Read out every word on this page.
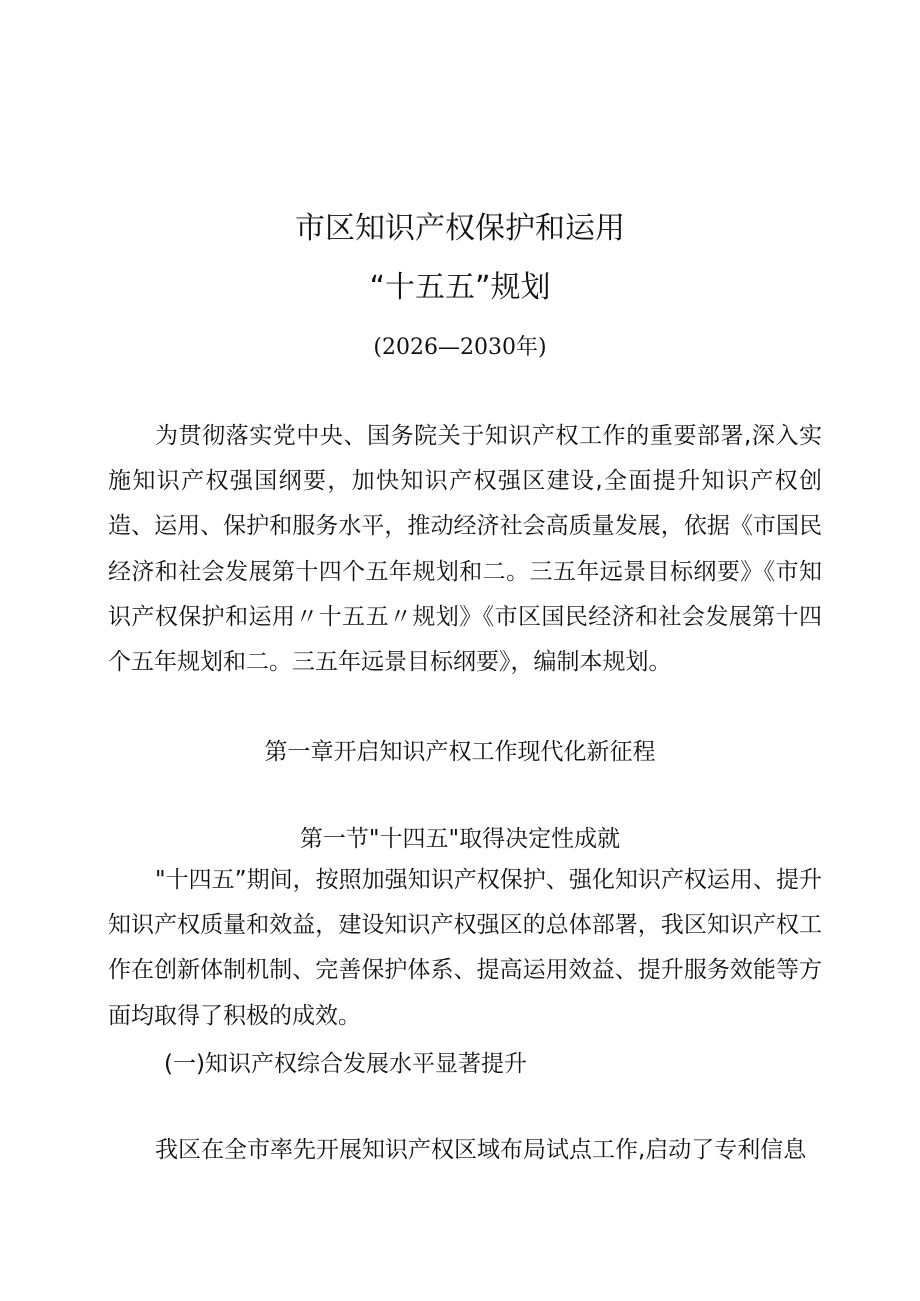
市区知识产权保护和运用
“十五五”规划

(2026—2030年)

为贯彻落实党中央、国务院关于知识产权工作的重要部署,深入实施知识产权强国纲要，加快知识产权强区建设,全面提升知识产权创造、运用、保护和服务水平，推动经济社会高质量发展，依据《市国民经济和社会发展第十四个五年规划和二。三五年远景目标纲要》《市知识产权保护和运用〃十五五〃规划》《市区国民经济和社会发展第十四个五年规划和二。三五年远景目标纲要》，编制本规划。

第一章开启知识产权工作现代化新征程
第一节"十四五"取得决定性成就

"十四五”期间，按照加强知识产权保护、强化知识产权运用、提升知识产权质量和效益，建设知识产权强区的总体部署，我区知识产权工作在创新体制机制、完善保护体系、提高运用效益、提升服务效能等方面均取得了积极的成效。

(一)知识产权综合发展水平显著提升

我区在全市率先开展知识产权区域布局试点工作,启动了专利信息
